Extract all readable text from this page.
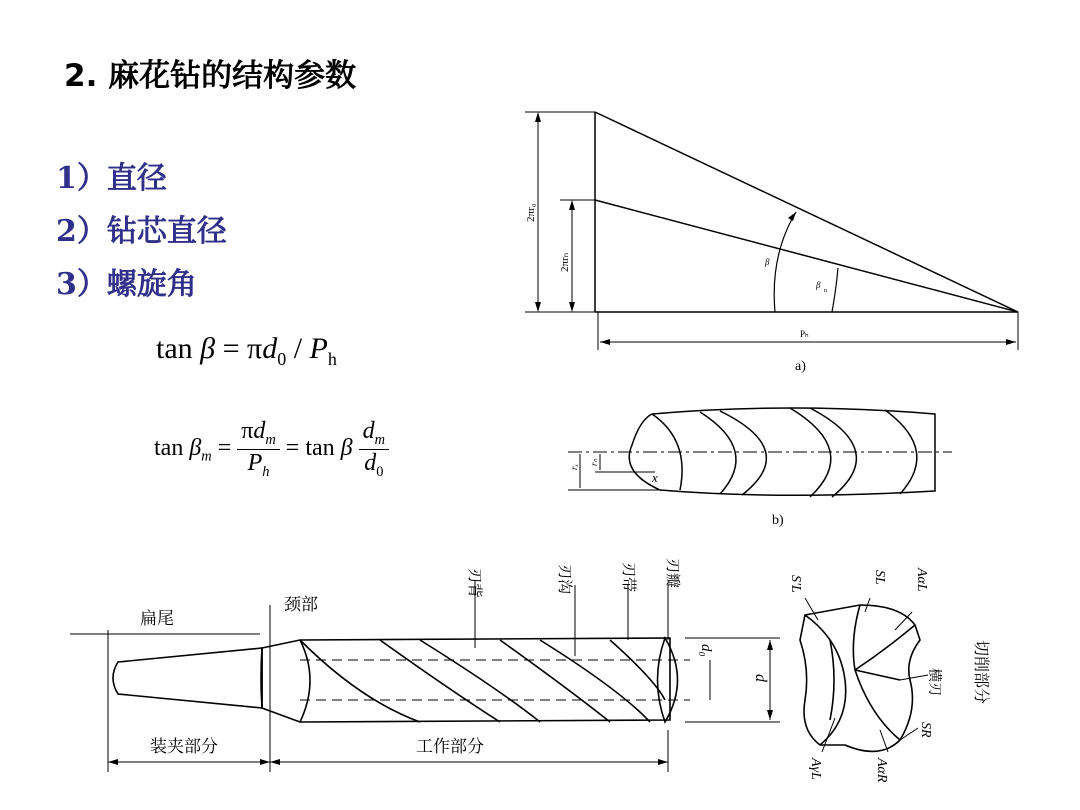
2. 麻花钻的结构参数
1）直径
2）钻芯直径
3）螺旋角
$\tan \beta = \pi d_0 / P_h$
$\tan \beta_m = \frac{\pi d_m}{P_h} = \tan \beta \frac{d_m}{d_0}$
2πr₀
2πrₙ	β
β
n
Pₕ
a)
rₓ
rₙ
x
b)
扁尾
颈部
刃背	刃沟	刃带 刃瓣
d₀
d
装夹部分	工作部分
S'L	SL AαL
横刃
SR
AγL	AαR
切削部分
